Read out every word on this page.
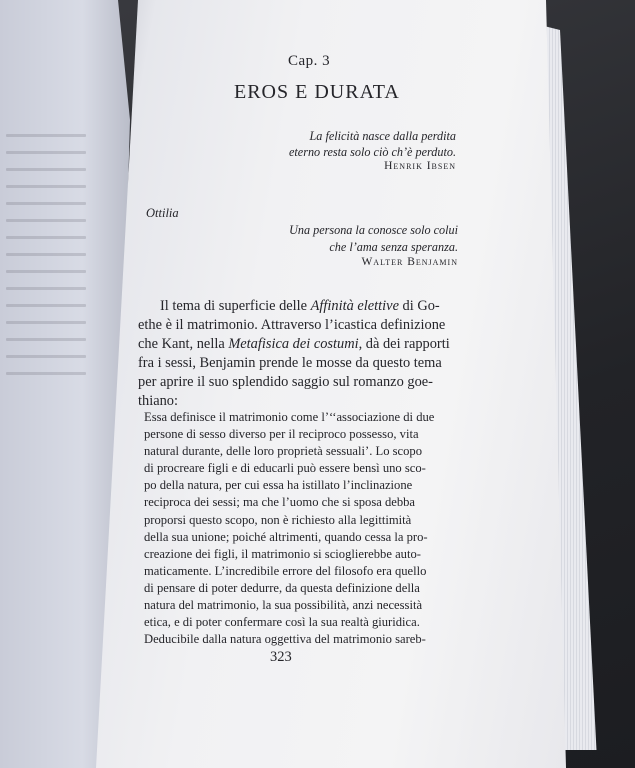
Cap. 3
EROS E DURATA
La felicità nasce dalla perdita
eterno resta solo ciò ch’è perduto.
Henrik Ibsen
Ottilia
Una persona la conosce solo colui
che l’ama senza speranza.
Walter Benjamin
Il tema di superficie delle Affinità elettive di Go-
ethe è il matrimonio. Attraverso l’icastica definizione
che Kant, nella Metafisica dei costumi, dà dei rapporti
fra i sessi, Benjamin prende le mosse da questo tema
per aprire il suo splendido saggio sul romanzo goe-
thiano:
Essa definisce il matrimonio come l’‘‘associazione di due
persone di sesso diverso per il reciproco possesso, vita
natural durante, delle loro proprietà sessuali’. Lo scopo
di procreare figli e di educarli può essere bensì uno sco-
po della natura, per cui essa ha istillato l’inclinazione
reciproca dei sessi; ma che l’uomo che si sposa debba
proporsi questo scopo, non è richiesto alla legittimità
della sua unione; poiché altrimenti, quando cessa la pro-
creazione dei figli, il matrimonio si scioglierebbe auto-
maticamente. L’incredibile errore del filosofo era quello
di pensare di poter dedurre, da questa definizione della
natura del matrimonio, la sua possibilità, anzi necessità
etica, e di poter confermare così la sua realtà giuridica.
Deducibile dalla natura oggettiva del matrimonio sareb-
323
